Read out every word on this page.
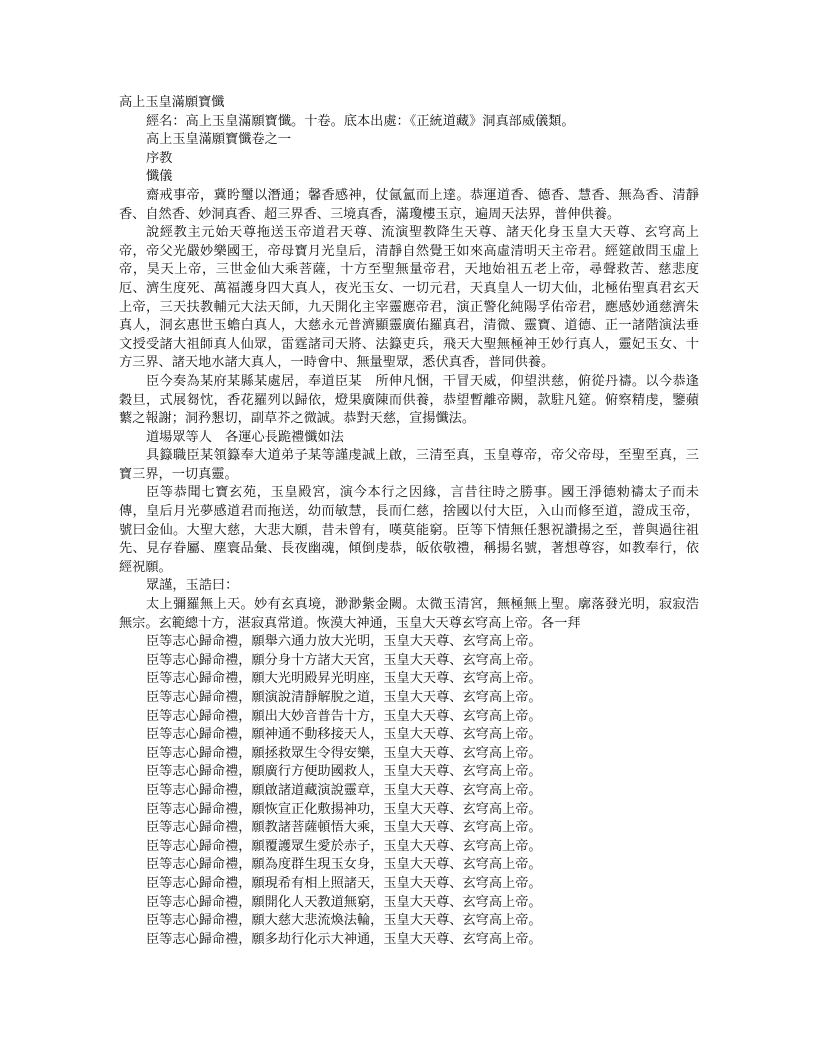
高上玉皇滿願寶懺

經名：高上玉皇滿願寶懺。十卷。底本出處：《正統道藏》洞真部威儀類。

高上玉皇滿願寶懺卷之一

序教

懺儀

齋戒事帝，冀盻璽以潛通；馨香感神，仗氤氳而上達。恭運道香、德香、慧香、無為香、清靜香、自然香、妙洞真香、超三界香、三境真香，滿瓊樓玉京，遍周天法界，普伸供養。

說經教主元始天尊拖送玉帝道君天尊、流演聖教降生天尊、諸天化身玉皇大天尊、玄穹高上帝，帝父光嚴妙樂國王，帝母寶月光皇后，清靜自然覺王如來高虛清明天主帝君。經筵啟問玉虛上帝，昊天上帝，三世金仙大乘菩薩，十方至聖無量帝君，天地始祖五老上帝，尋聲救苦、慈悲度厄、濟生度死、萬福護身四大真人，夜光玉女、一切元君，天真皇人一切大仙，北極佑聖真君玄天上帝，三天扶教輔元大法天師，九天開化主宰靈應帝君，演正警化純陽孚佑帝君，應感妙通慈濟朱真人，洞玄惠世玉蟾白真人，大慈永元普濟顯靈廣佑羅真君，清微、靈寶、道德、正一諸階演法垂文授受諸大祖師真人仙眾，雷霆諸司天將、法籙吏兵，飛天大聖無極神王妙行真人，靈妃玉女、十方三界、諸天地水諸大真人，一時會中、無量聖眾，悉伏真香，普同供養。

臣今奏為某府某縣某處居，奉道臣某　所伸凡悃，干冒天威，仰望洪慈，俯從丹禱。以今恭逢穀旦，式展芻忱，香花羅列以歸依，燈果廣陳而供養，恭望暫離帝闕，款駐凡筵。俯察精虔，鑒蘋蘩之報謝；洞矜懇切，副草芥之微誠。恭對天慈，宣揚懺法。

道場眾等人　各運心長跪禮懺如法

具籙職臣某領籙奉大道弟子某等謹虔誠上啟，三清至真，玉皇尊帝，帝父帝母，至聖至真，三寶三界，一切真靈。

臣等恭聞七寶玄苑，玉皇殿宮，演今本行之因緣，言昔往時之勝事。國王淨德勑禱太子而未傳，皇后月光夢感道君而拖送，幼而敏慧，長而仁慈，捨國以付大臣，入山而修至道，證成玉帝，號曰金仙。大聖大慈，大悲大願，昔未曾有，嘆莫能窮。臣等下情無任懇祝讚揚之至，普與過往祖先、見存眷屬、塵寰品彙、長夜幽魂，傾倒虔恭，皈依敬禮，稱揚名號，著想尊容，如教奉行，依經祝願。

眾謹，玉誥曰：

太上彌羅無上天。妙有玄真境，渺渺紫金闕。太微玉清宮，無極無上聖。廓落發光明，寂寂浩無宗。玄範總十方，湛寂真常道。恢漠大神通，玉皇大天尊玄穹高上帝。各一拜

臣等志心歸命禮，願舉六通力放大光明，玉皇大天尊、玄穹高上帝。

臣等志心歸命禮，願分身十方諸大天宮，玉皇大天尊、玄穹高上帝。

臣等志心歸命禮，願大光明殿昇光明座，玉皇大天尊、玄穹高上帝。

臣等志心歸命禮，願演說清靜解脫之道，玉皇大天尊、玄穹高上帝。

臣等志心歸命禮，願出大妙音普告十方，玉皇大天尊、玄穹高上帝。

臣等志心歸命禮，願神通不動移接天人，玉皇大天尊、玄穹高上帝。

臣等志心歸命禮，願拯救眾生令得安樂，玉皇大天尊、玄穹高上帝。

臣等志心歸命禮，願廣行方便助國救人，玉皇大天尊、玄穹高上帝。

臣等志心歸命禮，願啟諸道藏演說靈章，玉皇大天尊、玄穹高上帝。

臣等志心歸命禮，願恢宣正化敷揚神功，玉皇大天尊、玄穹高上帝。

臣等志心歸命禮，願教諸菩薩頓悟大乘，玉皇大天尊、玄穹高上帝。

臣等志心歸命禮，願覆護眾生愛於赤子，玉皇大天尊、玄穹高上帝。

臣等志心歸命禮，願為度群生現玉女身，玉皇大天尊、玄穹高上帝。

臣等志心歸命禮，願現希有相上照諸天，玉皇大天尊、玄穹高上帝。

臣等志心歸命禮，願開化人天教道無窮，玉皇大天尊、玄穹高上帝。

臣等志心歸命禮，願大慈大悲流煥法輪，玉皇大天尊、玄穹高上帝。

臣等志心歸命禮，願多劫行化示大神通，玉皇大天尊、玄穹高上帝。
